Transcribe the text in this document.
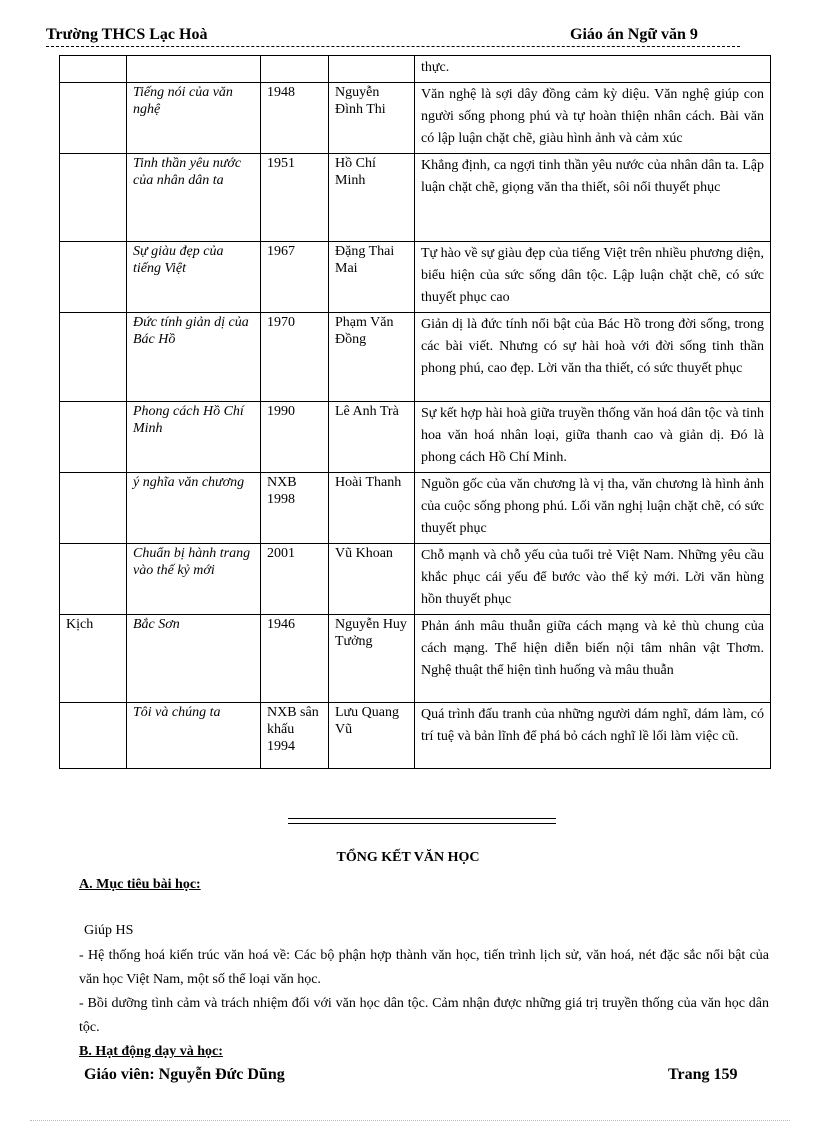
Trường THCS Lạc Hoà	Giáo án Ngữ văn 9
				thực.
	Tiếng nói của văn nghệ	1948	Nguyễn Đình Thi	Văn nghệ là sợi dây đồng cảm kỳ diệu. Văn nghệ giúp con người sống phong phú và tự hoàn thiện nhân cách. Bài văn có lập luận chặt chẽ, giàu hình ảnh và cảm xúc
	Tinh thần yêu nước của nhân dân ta	1951	Hồ Chí Minh	Khẳng định, ca ngợi tinh thần yêu nước của nhân dân ta. Lập luận chặt chẽ, giọng văn tha thiết, sôi nổi thuyết phục
	Sự giàu đẹp của tiếng Việt	1967	Đặng Thai Mai	Tự hào về sự giàu đẹp của tiếng Việt trên nhiều phương diện, biểu hiện của sức sống dân tộc. Lập luận chặt chẽ, có sức thuyết phục cao
	Đức tính giản dị của Bác Hồ	1970	Phạm Văn Đồng	Giản dị là đức tính nổi bật của Bác Hồ trong đời sống, trong các bài viết. Nhưng có sự hài hoà với đời sống tinh thần phong phú, cao đẹp. Lời văn tha thiết, có sức thuyết phục
	Phong cách Hồ Chí Minh	1990	Lê Anh Trà	Sự kết hợp hài hoà giữa truyền thống văn hoá dân tộc và tinh hoa văn hoá nhân loại, giữa thanh cao và giản dị. Đó là phong cách Hồ Chí Minh.
	ý nghĩa văn chương	NXB 1998	Hoài Thanh	Nguồn gốc của văn chương là vị tha, văn chương là hình ảnh của cuộc sống phong phú. Lối văn nghị luận chặt chẽ, có sức thuyết phục
	Chuẩn bị hành trang vào thế kỷ mới	2001	Vũ Khoan	Chỗ mạnh và chỗ yếu của tuổi trẻ Việt Nam. Những yêu cầu khắc phục cái yếu để bước vào thế kỷ mới. Lời văn hùng hồn thuyết phục
Kịch	Bắc Sơn	1946	Nguyễn Huy Tưởng	Phản ánh mâu thuẫn giữa cách mạng và kẻ thù chung của cách mạng. Thể hiện diễn biến nội tâm nhân vật Thơm. Nghệ thuật thể hiện tình huống và mâu thuẫn
	Tôi và chúng ta	NXB sân khấu 1994	Lưu Quang Vũ	Quá trình đấu tranh của những người dám nghĩ, dám làm, có trí tuệ và bản lĩnh để phá bỏ cách nghĩ lề lối làm việc cũ.
TỔNG KẾT VĂN HỌC
A. Mục tiêu bài học:
Giúp HS
- Hệ thống hoá kiến trúc văn hoá về: Các bộ phận hợp thành văn học, tiến trình lịch sử, văn hoá, nét đặc sắc nổi bật của văn học Việt Nam, một số thể loại văn học.
- Bồi dưỡng tình cảm và trách nhiệm đối với văn học dân tộc. Cảm nhận được những giá trị truyền thống của văn học dân tộc.
B. Hạt động dạy và học:
Giáo viên: Nguyễn Đức Dũng	Trang 159
